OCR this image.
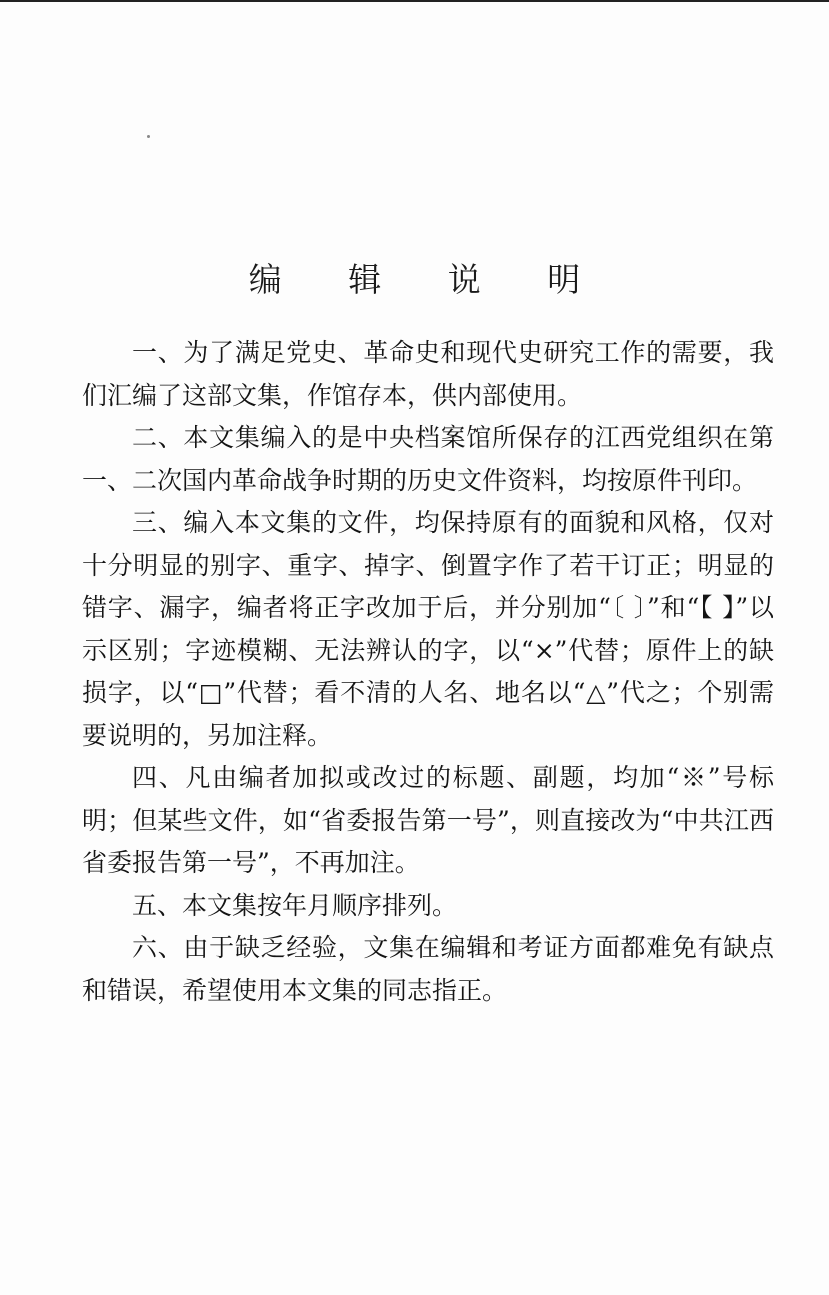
编 辑 说 明

一、为了满足党史、革命史和现代史研究工作的需要，我们汇编了这部文集，作馆存本，供内部使用。

二、本文集编入的是中央档案馆所保存的江西党组织在第一、二次国内革命战争时期的历史文件资料，均按原件刊印。

三、编入本文集的文件，均保持原有的面貌和风格，仅对十分明显的别字、重字、掉字、倒置字作了若干订正；明显的错字、漏字，编者将正字改加于后，并分别加“〔 〕”和“【 】”以示区别；字迹模糊、无法辨认的字，以“×”代替；原件上的缺损字，以“□”代替；看不清的人名、地名以“△”代之；个别需要说明的，另加注释。

四、凡由编者加拟或改过的标题、副题，均加“※”号标明；但某些文件，如“省委报告第一号”，则直接改为“中共江西省委报告第一号”，不再加注。

五、本文集按年月顺序排列。

六、由于缺乏经验，文集在编辑和考证方面都难免有缺点和错误，希望使用本文集的同志指正。
